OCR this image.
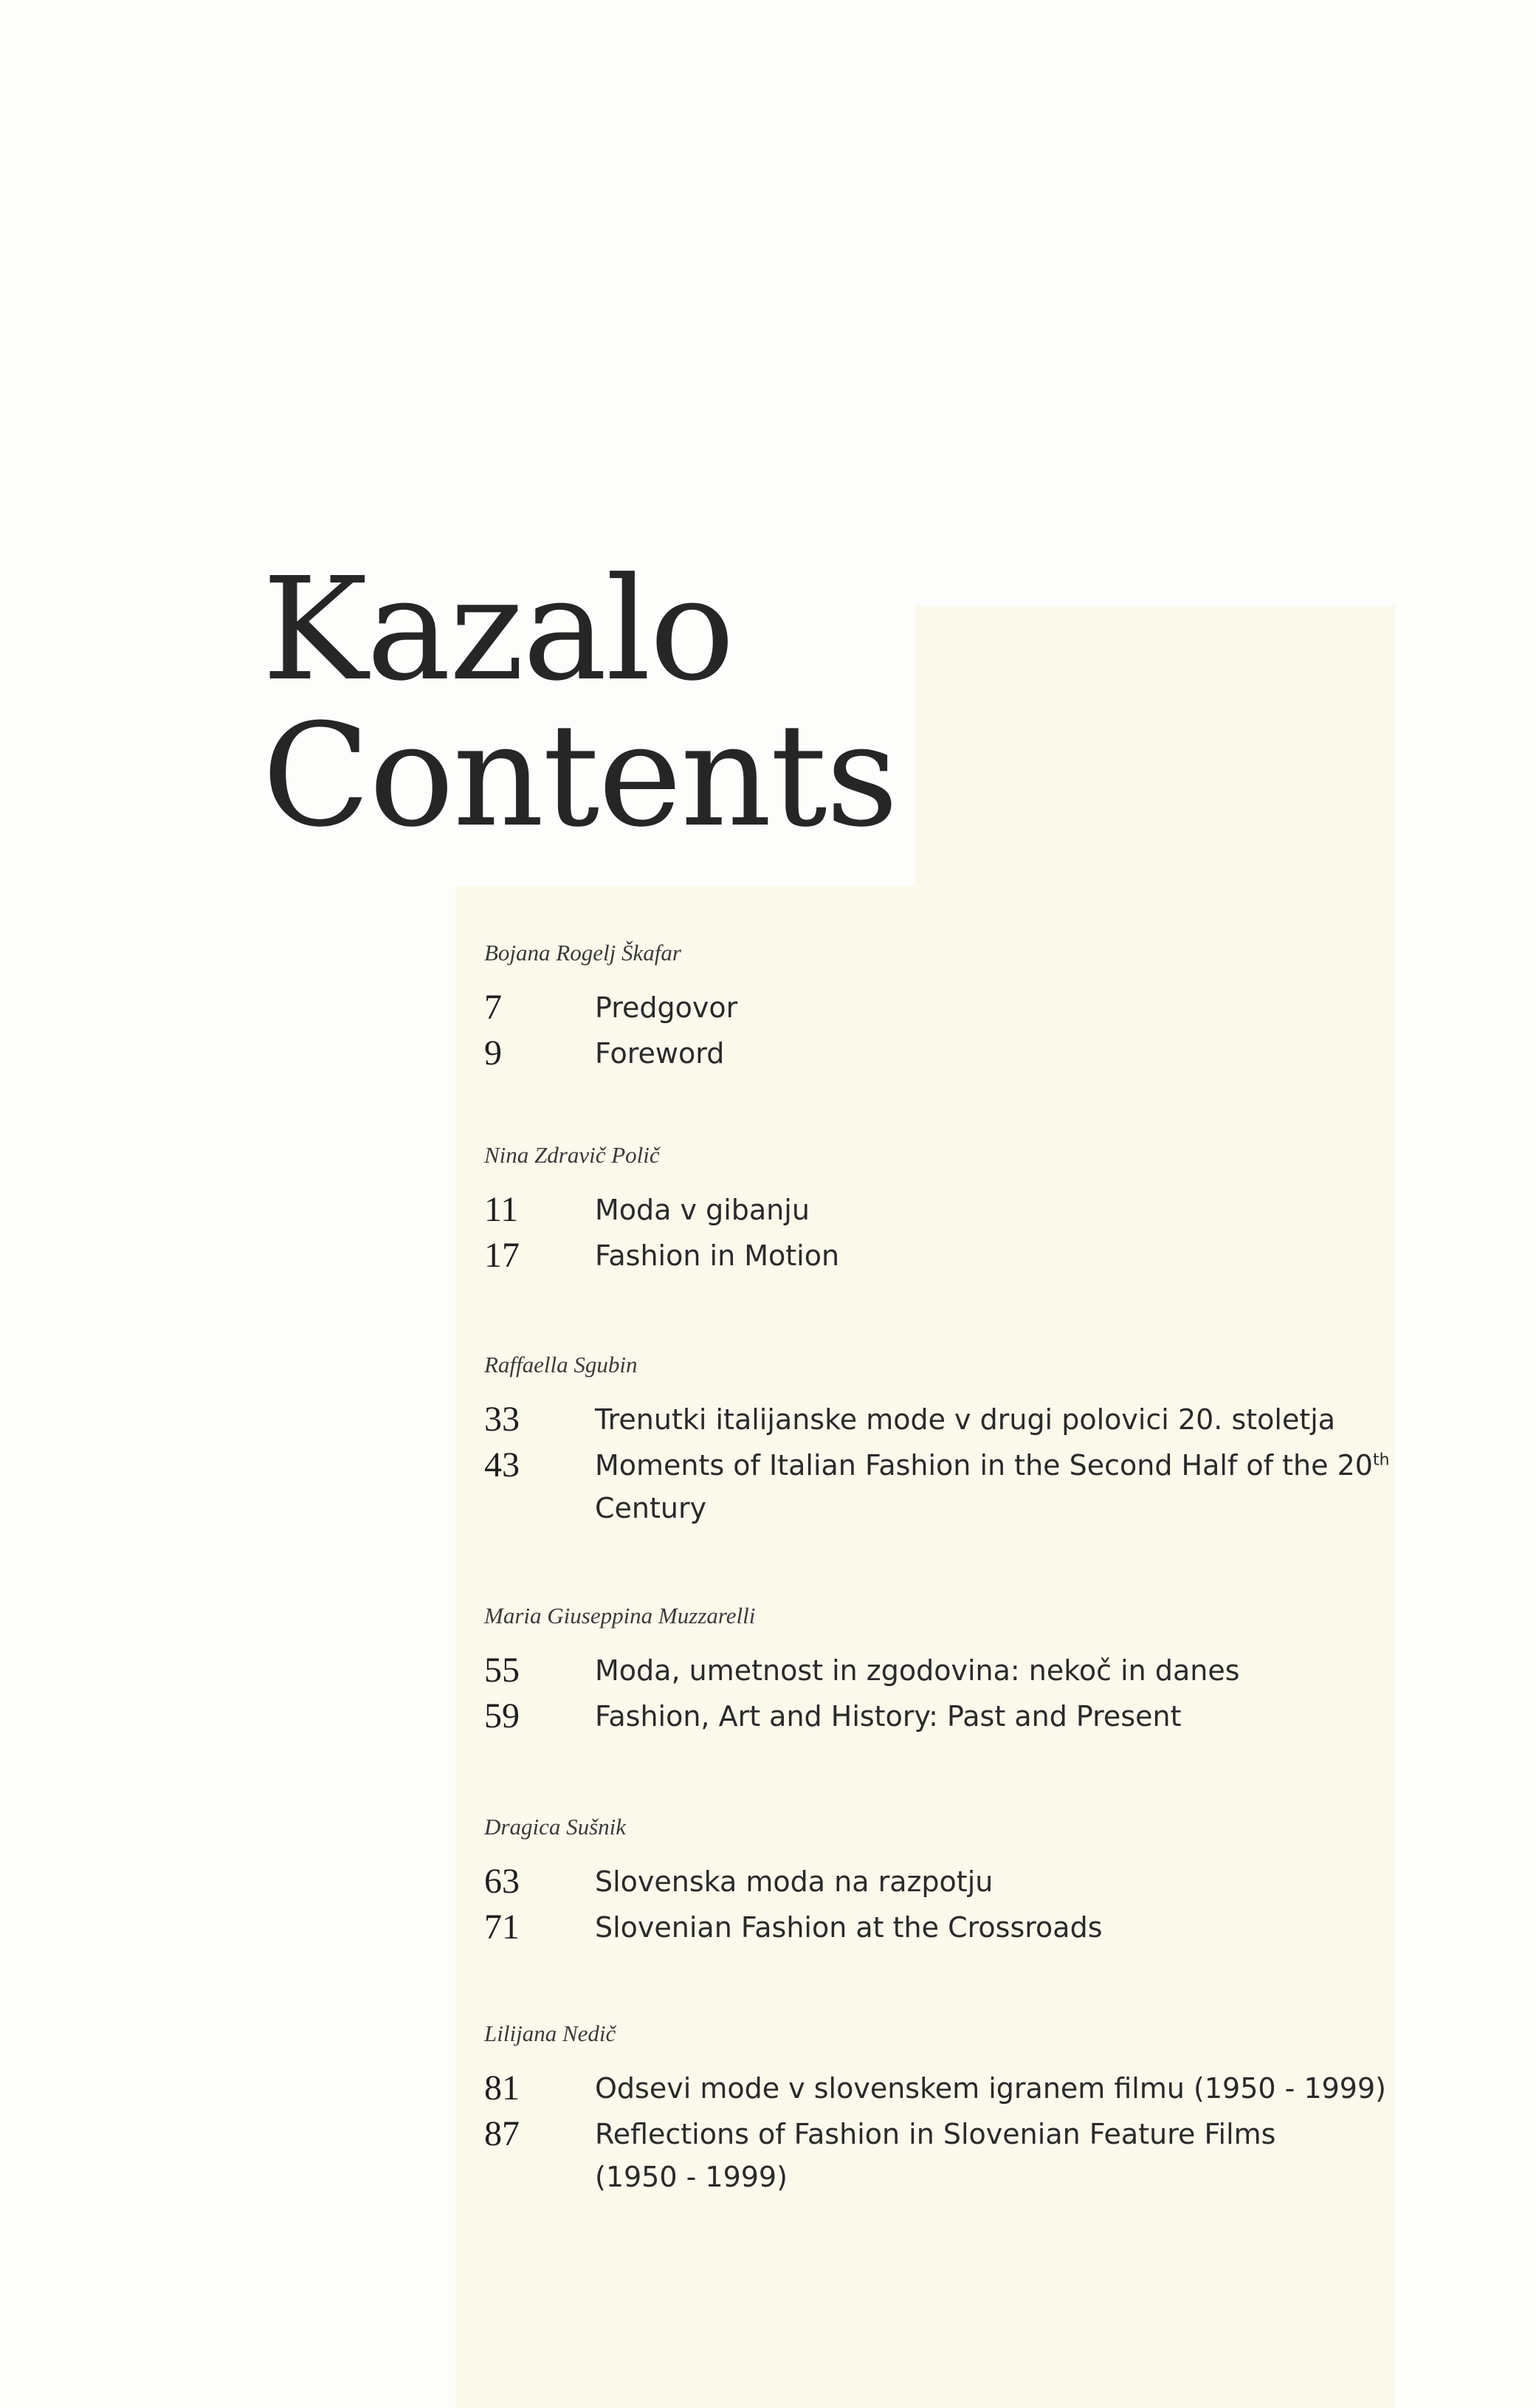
Kazalo
Contents
Bojana Rogelj Škafar
7	Predgovor
9	Foreword
Nina Zdravič Polič
11	Moda v gibanju
17	Fashion in Motion
Raffaella Sgubin
33	Trenutki italijanske mode v drugi polovici 20. stoletja
43	Moments of Italian Fashion in the Second Half of the 20th
Century
Maria Giuseppina Muzzarelli
55	Moda, umetnost in zgodovina: nekoč in danes
59	Fashion, Art and History: Past and Present
Dragica Sušnik
63	Slovenska moda na razpotju
71	Slovenian Fashion at the Crossroads
Lilijana Nedič
81	Odsevi mode v slovenskem igranem filmu (1950 - 1999)
87	Reflections of Fashion in Slovenian Feature Films
(1950 - 1999)
